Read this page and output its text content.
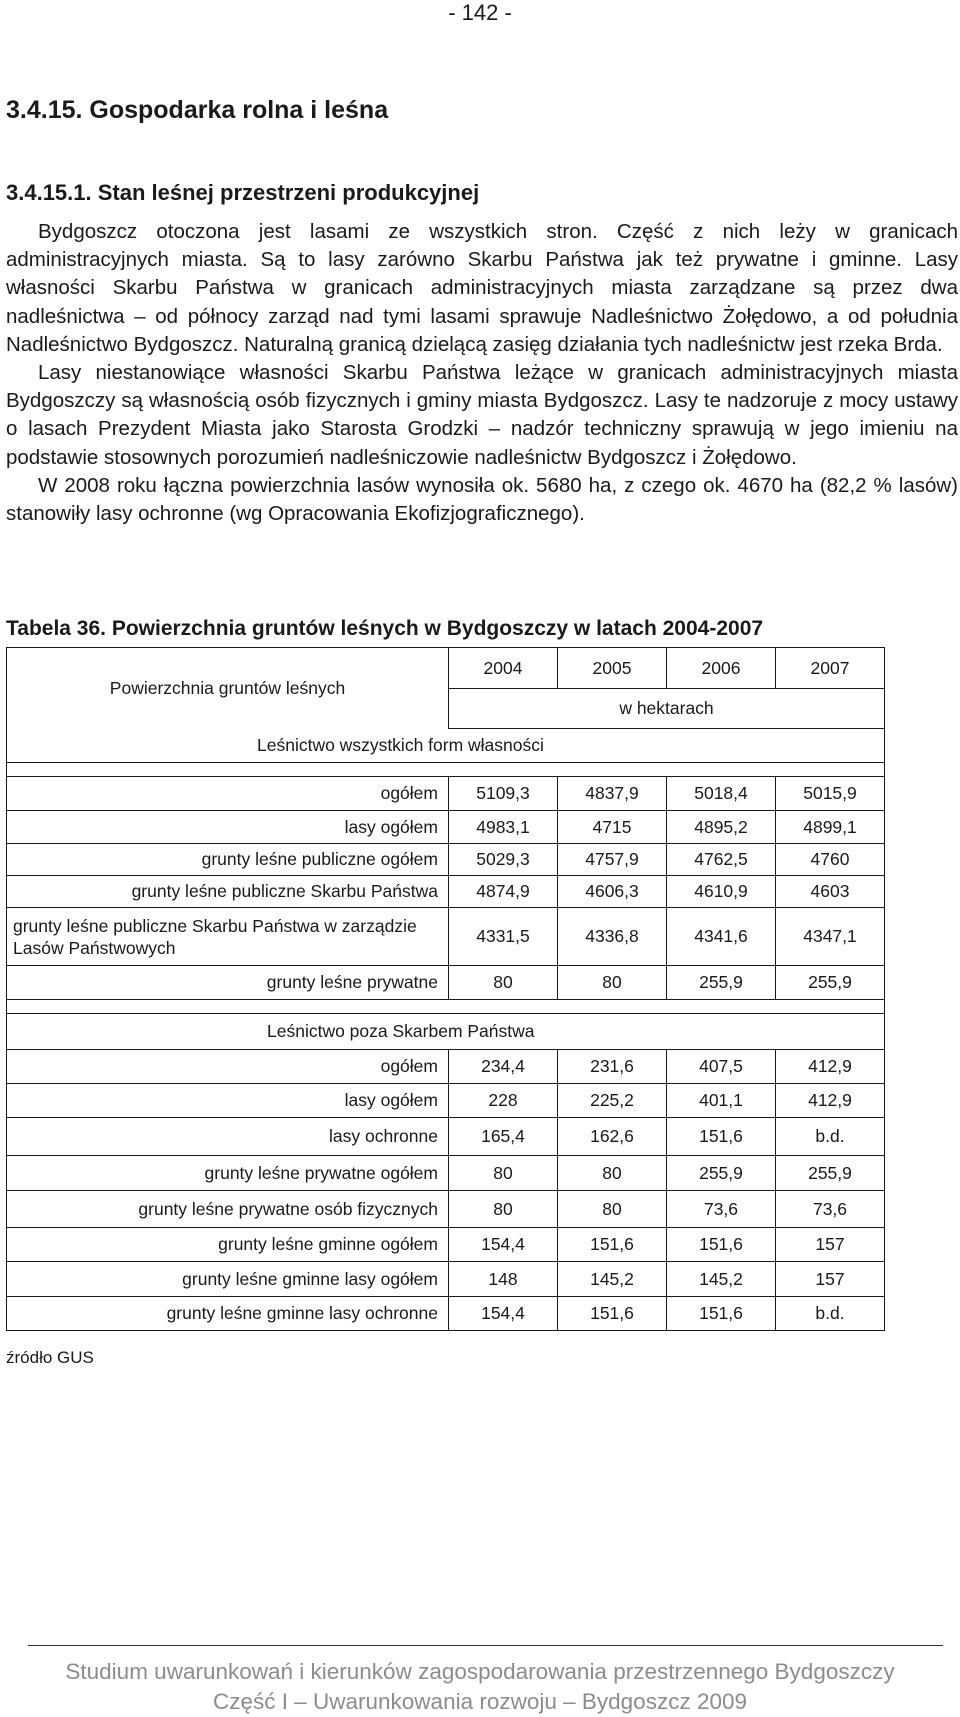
- 142 -
3.4.15. Gospodarka rolna i leśna
3.4.15.1. Stan leśnej przestrzeni produkcyjnej

Bydgoszcz otoczona jest lasami ze wszystkich stron. Część z nich leży w granicach administracyjnych miasta. Są to lasy zarówno Skarbu Państwa jak też prywatne i gminne. Lasy własności Skarbu Państwa w granicach administracyjnych miasta zarządzane są przez dwa nadleśnictwa – od północy zarząd nad tymi lasami sprawuje Nadleśnictwo Żołędowo, a od południa Nadleśnictwo Bydgoszcz. Naturalną granicą dzielącą zasięg działania tych nadleśnictw jest rzeka Brda.

Lasy niestanowiące własności Skarbu Państwa leżące w granicach administracyjnych miasta Bydgoszczy są własnością osób fizycznych i gminy miasta Bydgoszcz. Lasy te nadzoruje z mocy ustawy o lasach Prezydent Miasta jako Starosta Grodzki – nadzór techniczny sprawują w jego imieniu na podstawie stosownych porozumień nadleśniczowie nadleśnictw Bydgoszcz i Żołędowo.

W 2008 roku łączna powierzchnia lasów wynosiła ok. 5680 ha, z czego ok. 4670 ha (82,2 % lasów) stanowiły lasy ochronne (wg Opracowania Ekofizjograficznego).

Tabela 36. Powierzchnia gruntów leśnych w Bydgoszczy w latach 2004-2007
Powierzchnia gruntów leśnych	2004	2005	2006	2007
	w hektarach			
Leśnictwo wszystkich form własności				

ogółem	5109,3	4837,9	5018,4	5015,9
lasy ogółem	4983,1	4715	4895,2	4899,1
grunty leśne publiczne ogółem	5029,3	4757,9	4762,5	4760
grunty leśne publiczne Skarbu Państwa	4874,9	4606,3	4610,9	4603
grunty leśne publiczne Skarbu Państwa w zarządzie Lasów Państwowych	4331,5	4336,8	4341,6	4347,1
grunty leśne prywatne	80	80	255,9	255,9

Leśnictwo poza Skarbem Państwa				
ogółem	234,4	231,6	407,5	412,9
lasy ogółem	228	225,2	401,1	412,9
lasy ochronne	165,4	162,6	151,6	b.d.
grunty leśne prywatne ogółem	80	80	255,9	255,9
grunty leśne prywatne osób fizycznych	80	80	73,6	73,6
grunty leśne gminne ogółem	154,4	151,6	151,6	157
grunty leśne gminne lasy ogółem	148	145,2	145,2	157
grunty leśne gminne lasy ochronne	154,4	151,6	151,6	b.d.
źródło GUS
Studium uwarunkowań i kierunków zagospodarowania przestrzennego Bydgoszczy
Część I – Uwarunkowania rozwoju – Bydgoszcz 2009
